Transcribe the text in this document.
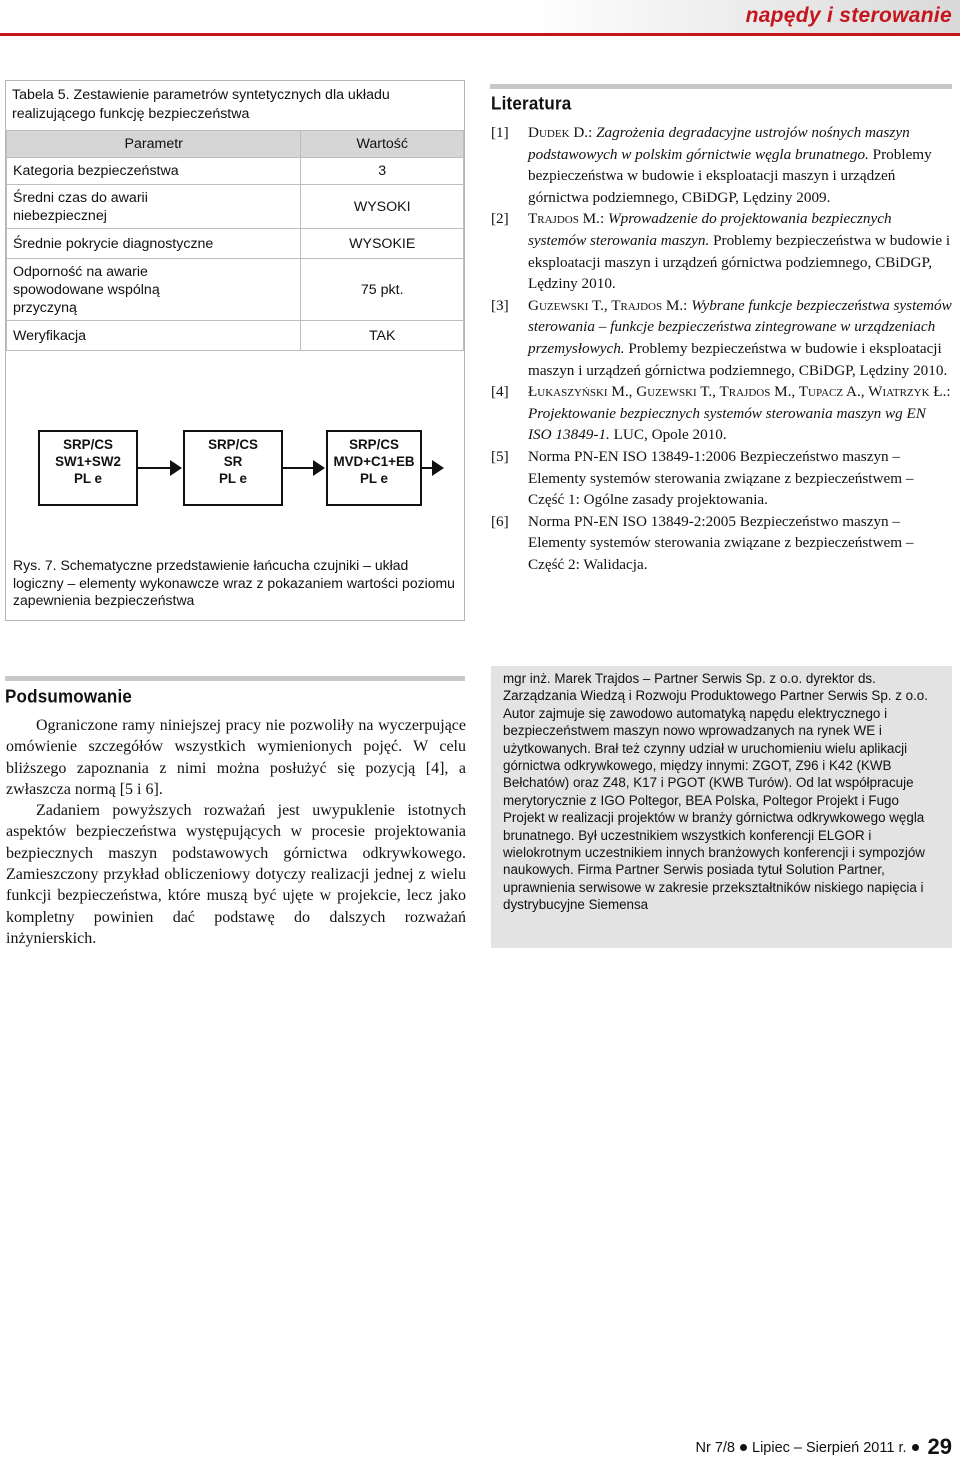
napędy i sterowanie
Tabela 5. Zestawienie parametrów syntetycznych dla układu realizującego funkcję bezpieczeństwa
Parametr	Wartość
Kategoria bezpieczeństwa	3

Średni czas do awarii niebezpiecznej	WYSOKI
Średnie pokrycie diagnostyczne	WYSOKIE

Odporność na awarie spowodowane wspólną przyczyną	75 pkt.
Weryfikacja	TAK
SRP/CS
SW1+SW2
PL e
SRP/CS
SR
PL e
SRP/CS
MVD+C1+EB
PL e
Rys. 7. Schematyczne przedstawienie łańcucha czujniki – układ logiczny – elementy wykonawcze wraz z pokazaniem wartości poziomu zapewnienia bezpieczeństwa
Literatura
[1] Dudek D.: Zagrożenia degradacyjne ustrojów nośnych maszyn podstawowych w polskim górnictwie węgla brunatnego. Problemy bezpieczeństwa w budowie i eksploatacji maszyn i urządzeń górnictwa podziemnego, CBiDGP, Lędziny 2009.
[2] Trajdos M.: Wprowadzenie do projektowania bezpiecznych systemów sterowania maszyn. Problemy bezpieczeństwa w budowie i eksploatacji maszyn i urządzeń górnictwa podziemnego, CBiDGP, Lędziny 2010.
[3] Guzewski T., Trajdos M.: Wybrane funkcje bezpieczeństwa systemów sterowania – funkcje bezpieczeństwa zintegrowane w urządzeniach przemysłowych. Problemy bezpieczeństwa w budowie i eksploatacji maszyn i urządzeń górnictwa podziemnego, CBiDGP, Lędziny 2010.
[4] Łukaszyński M., Guzewski T., Trajdos M., Tupacz A., Wiatrzyk Ł.: Projektowanie bezpiecznych systemów sterowania maszyn wg EN ISO 13849-1. LUC, Opole 2010.
[5] Norma PN-EN ISO 13849-1:2006 Bezpieczeństwo maszyn – Elementy systemów sterowania związane z bezpieczeństwem – Część 1: Ogólne zasady projektowania.
[6] Norma PN-EN ISO 13849-2:2005 Bezpieczeństwo maszyn – Elementy systemów sterowania związane z bezpieczeństwem – Część 2: Walidacja.
Podsumowanie

Ograniczone ramy niniejszej pracy nie pozwoliły na wyczerpujące omówienie szczegółów wszystkich wymienionych pojęć. W celu bliższego zapoznania z nimi można posłużyć się pozycją [4], a zwłaszcza normą [5 i 6].

Zadaniem powyższych rozważań jest uwypuklenie istotnych aspektów bezpieczeństwa występujących w procesie projektowania bezpiecznych maszyn podstawowych górnictwa odkrywkowego. Zamieszczony przykład obliczeniowy dotyczy realizacji jednej z wielu funkcji bezpieczeństwa, które muszą być ujęte w projekcie, lecz jako kompletny powinien dać podstawę do dalszych rozważań inżynierskich.

mgr inż. Marek Trajdos – Partner Serwis Sp. z o.o. dyrektor ds. Zarządzania Wiedzą i Rozwoju Produktowego Partner Serwis Sp. z o.o. Autor zajmuje się zawodowo automatyką napędu elektrycznego i bezpieczeństwem maszyn nowo wprowadzanych na rynek WE i użytkowanych. Brał też czynny udział w uruchomieniu wielu aplikacji górnictwa odkrywkowego, między innymi: ZGOT, Z96 i K42 (KWB Bełchatów) oraz Z48, K17 i PGOT (KWB Turów). Od lat współpracuje merytorycznie z IGO Poltegor, BEA Polska, Poltegor Projekt i Fugo Projekt w realizacji projektów w branży górnictwa odkrywkowego węgla brunatnego. Był uczestnikiem wszystkich konferencji ELGOR i wielokrotnym uczestnikiem innych branżowych konferencji i sympozjów naukowych. Firma Partner Serwis posiada tytuł Solution Partner, uprawnienia serwisowe w zakresie przekształtników niskiego napięcia i dystrybucyjne Siemensa
Nr 7/8 Lipiec – Sierpień 2011 r. 29
